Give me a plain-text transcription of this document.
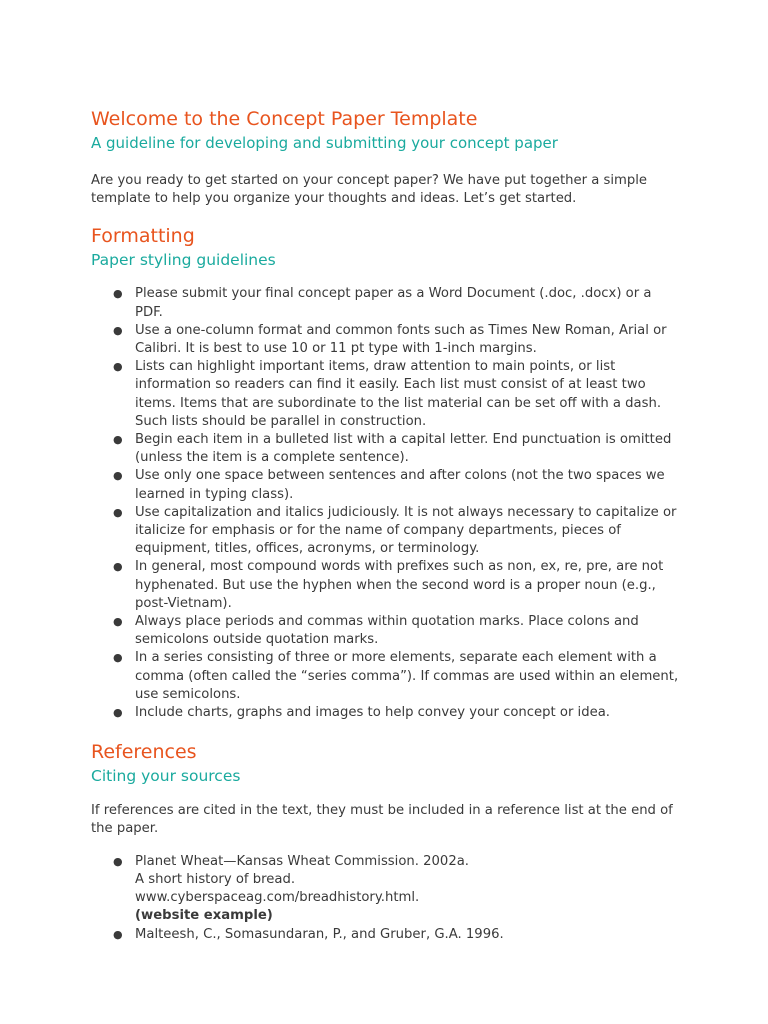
Welcome to the Concept Paper Template
A guideline for developing and submitting your concept paper

Are you ready to get started on your concept paper? We have put together a simple template to help you organize your thoughts and ideas. Let’s get started.

Formatting
Paper styling guidelines
● Please submit your final concept paper as a Word Document (.doc, .docx) or a PDF.
● Use a one-column format and common fonts such as Times New Roman, Arial or Calibri. It is best to use 10 or 11 pt type with 1-inch margins.
● Lists can highlight important items, draw attention to main points, or list information so readers can find it easily. Each list must consist of at least two items. Items that are subordinate to the list material can be set off with a dash. Such lists should be parallel in construction.
● Begin each item in a bulleted list with a capital letter. End punctuation is omitted (unless the item is a complete sentence).
● Use only one space between sentences and after colons (not the two spaces we learned in typing class).
● Use capitalization and italics judiciously. It is not always necessary to capitalize or italicize for emphasis or for the name of company departments, pieces of equipment, titles, offices, acronyms, or terminology.
● In general, most compound words with prefixes such as non, ex, re, pre, are not hyphenated. But use the hyphen when the second word is a proper noun (e.g., post-Vietnam).
● Always place periods and commas within quotation marks. Place colons and semicolons outside quotation marks.
● In a series consisting of three or more elements, separate each element with a comma (often called the “series comma”). If commas are used within an element, use semicolons.
● Include charts, graphs and images to help convey your concept or idea.
References
Citing your sources

If references are cited in the text, they must be included in a reference list at the end of the paper.

● Planet Wheat—Kansas Wheat Commission. 2002a.
A short history of bread.
www.cyberspaceag.com/breadhistory.html.
(website example)
● Malteesh, C., Somasundaran, P., and Gruber, G.A. 1996.
